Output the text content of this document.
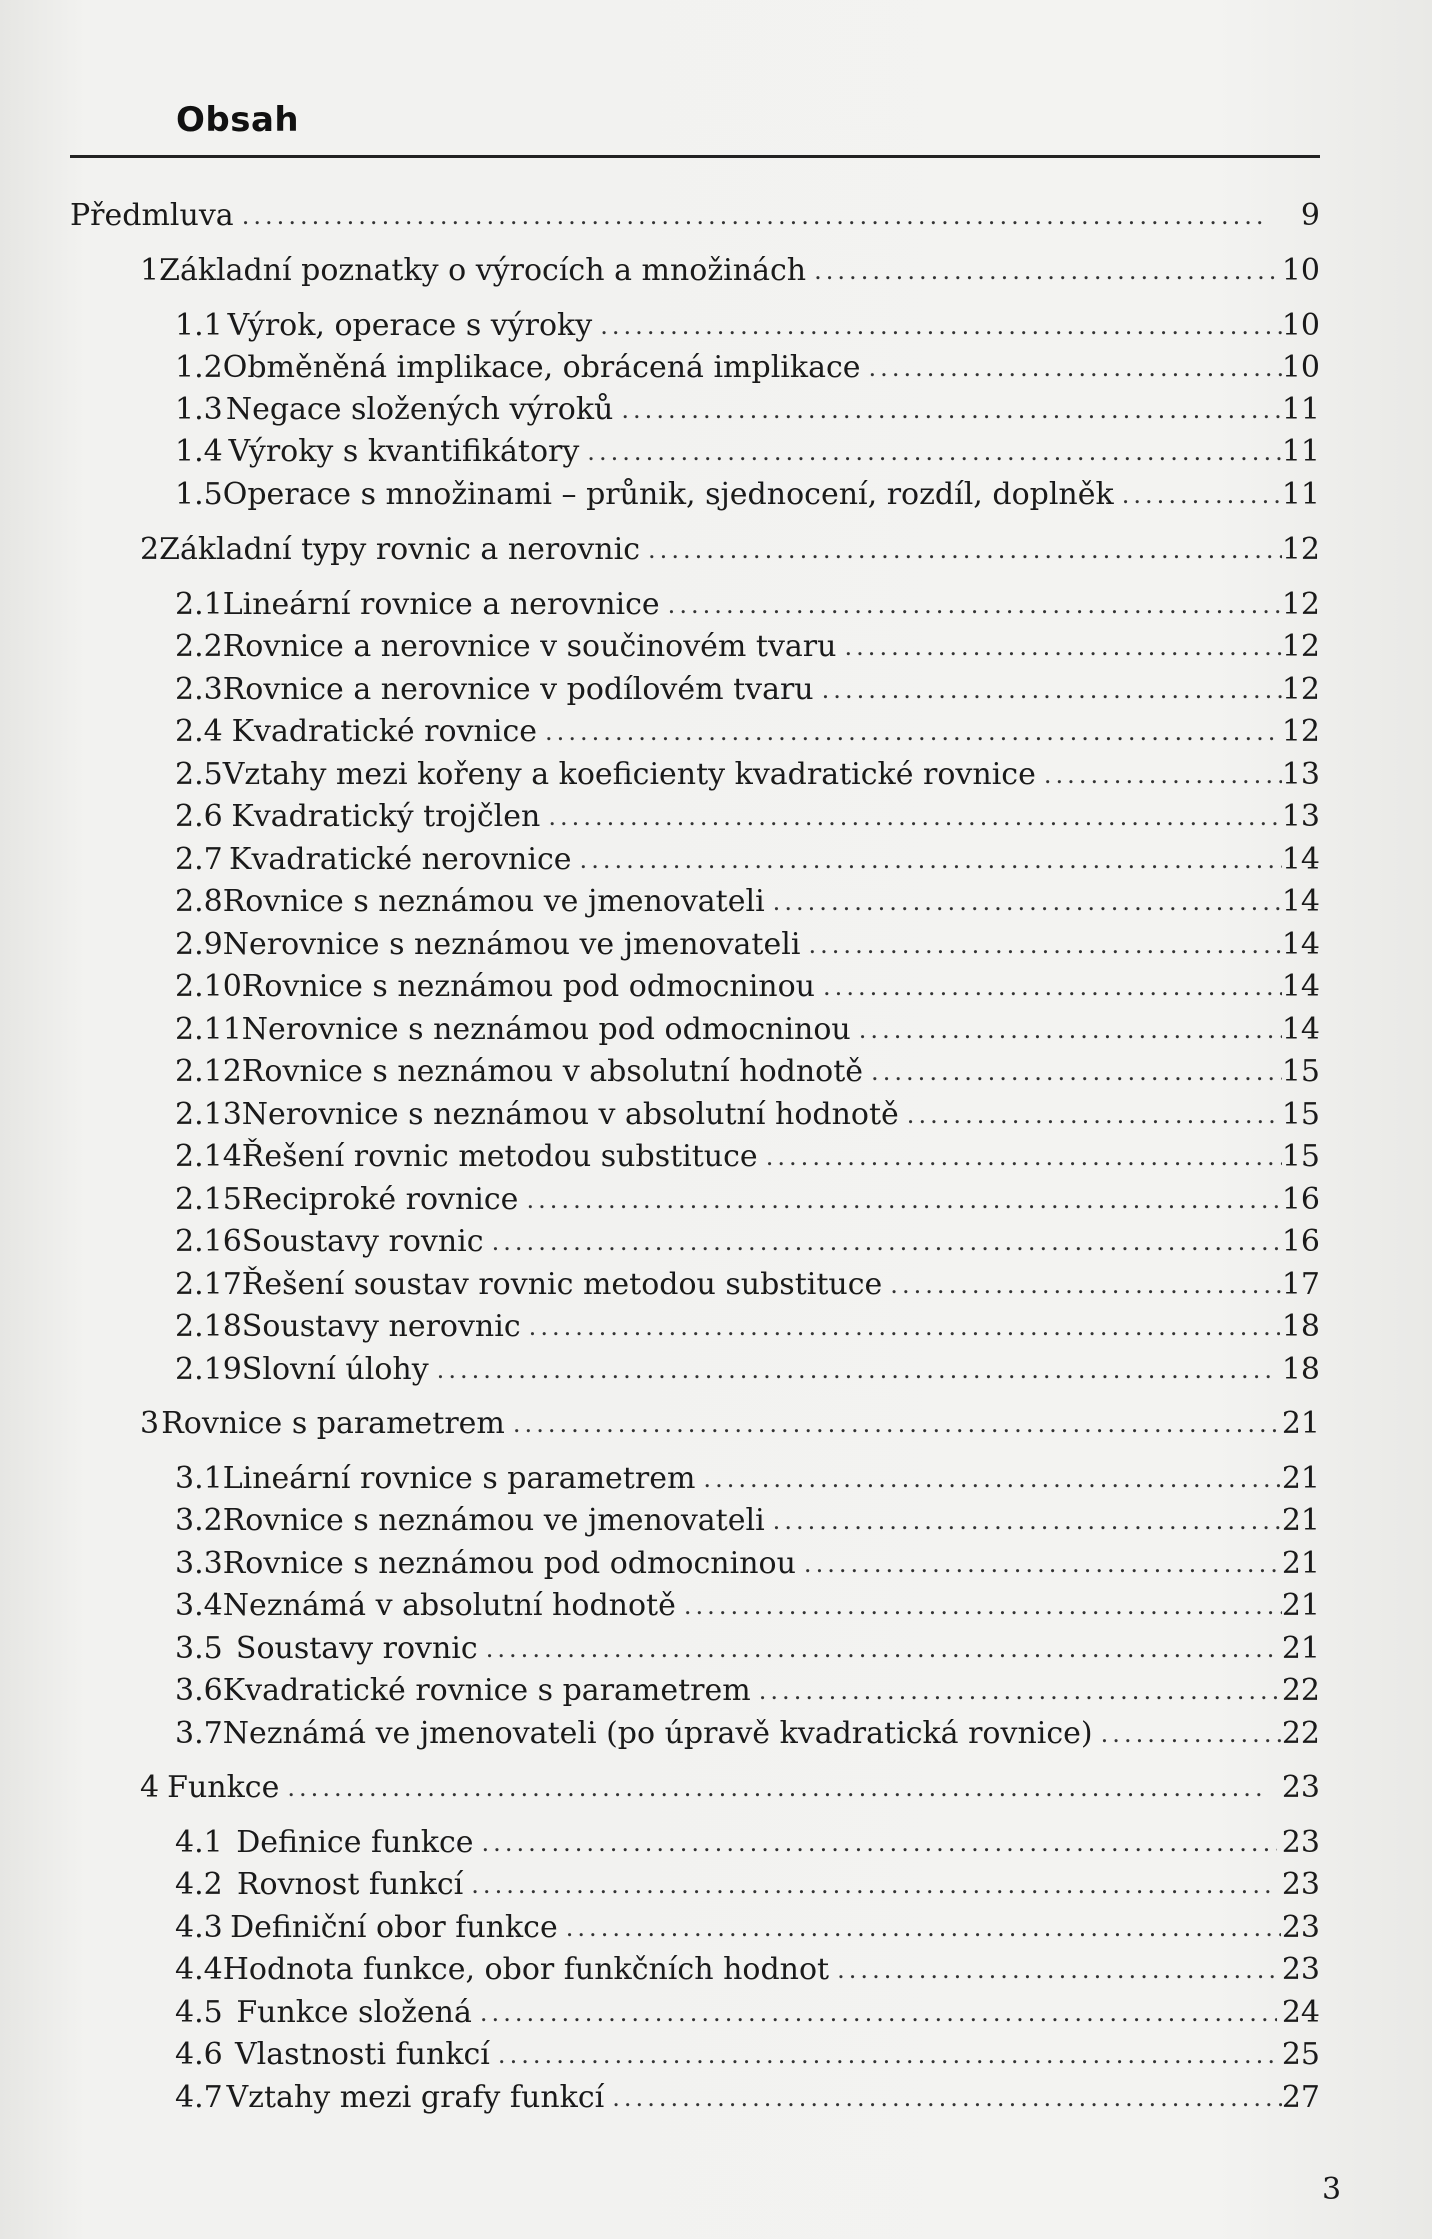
Obsah
Předmluva . . .	9
1 Základní poznatky o výrocích a množinách . . .	10
1.1 Výrok, operace s výroky . . .	10
1.2 Obměněná implikace, obrácená implikace . . .	10
1.3 Negace složených výroků . . .	11
1.4 Výroky s kvantifikátory . . .	11
1.5 Operace s množinami – průnik, sjednocení, rozdíl, doplněk . . .	11
2 Základní typy rovnic a nerovnic . . .	12
2.1 Lineární rovnice a nerovnice . . .	12
2.2 Rovnice a nerovnice v součinovém tvaru . . .	12
2.3 Rovnice a nerovnice v podílovém tvaru . . .	12
2.4 Kvadratické rovnice . . .	12
2.5 Vztahy mezi kořeny a koeficienty kvadratické rovnice . . .	13
2.6 Kvadratický trojčlen . . .	13
2.7 Kvadratické nerovnice . . .	14
2.8 Rovnice s neznámou ve jmenovateli . . .	14
2.9 Nerovnice s neznámou ve jmenovateli . . .	14
2.10 Rovnice s neznámou pod odmocninou . . .	14
2.11 Nerovnice s neznámou pod odmocninou . . .	14
2.12 Rovnice s neznámou v absolutní hodnotě . . .	15
2.13 Nerovnice s neznámou v absolutní hodnotě . . .	15
2.14 Řešení rovnic metodou substituce . . .	15
2.15 Reciproké rovnice . . .	16
2.16 Soustavy rovnic . . .	16
2.17 Řešení soustav rovnic metodou substituce . . .	17
2.18 Soustavy nerovnic . . .	18
2.19 Slovní úlohy . . .	18
3 Rovnice s parametrem . . .	21
3.1 Lineární rovnice s parametrem . . .	21
3.2 Rovnice s neznámou ve jmenovateli . . .	21
3.3 Rovnice s neznámou pod odmocninou . . .	21
3.4 Neznámá v absolutní hodnotě . . .	21
3.5 Soustavy rovnic . . .	21
3.6 Kvadratické rovnice s parametrem . . .	22
3.7 Neznámá ve jmenovateli (po úpravě kvadratická rovnice) . . .	22
4 Funkce . . .	23
4.1 Definice funkce . . .	23
4.2 Rovnost funkcí . . .	23
4.3 Definiční obor funkce . . .	23
4.4 Hodnota funkce, obor funkčních hodnot . . .	23
4.5 Funkce složená . . .	24
4.6 Vlastnosti funkcí . . .	25
4.7 Vztahy mezi grafy funkcí . . .	27
3
